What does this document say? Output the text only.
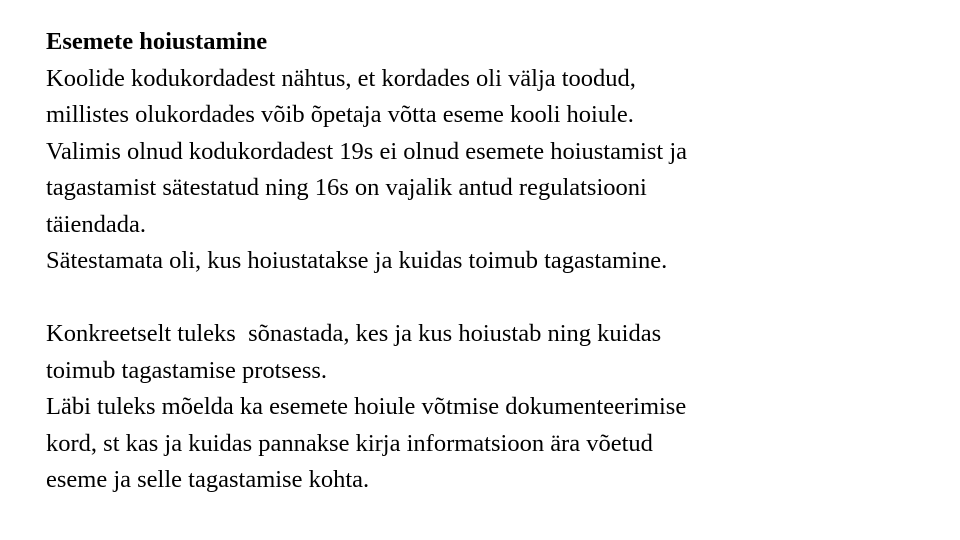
Esemete hoiustamine
Koolide kodukordadest nähtus, et kordades oli välja toodud,
millistes olukordades võib õpetaja võtta eseme kooli hoiule.
Valimis olnud kodukordadest 19s ei olnud esemete hoiustamist ja
tagastamist sätestatud ning 16s on vajalik antud regulatsiooni
täiendada.
Sätestamata oli, kus hoiustatakse ja kuidas toimub tagastamine.
Konkreetselt tuleks  sõnastada, kes ja kus hoiustab ning kuidas
toimub tagastamise protsess.
Läbi tuleks mõelda ka esemete hoiule võtmise dokumenteerimise
kord, st kas ja kuidas pannakse kirja informatsioon ära võetud
eseme ja selle tagastamise kohta.
